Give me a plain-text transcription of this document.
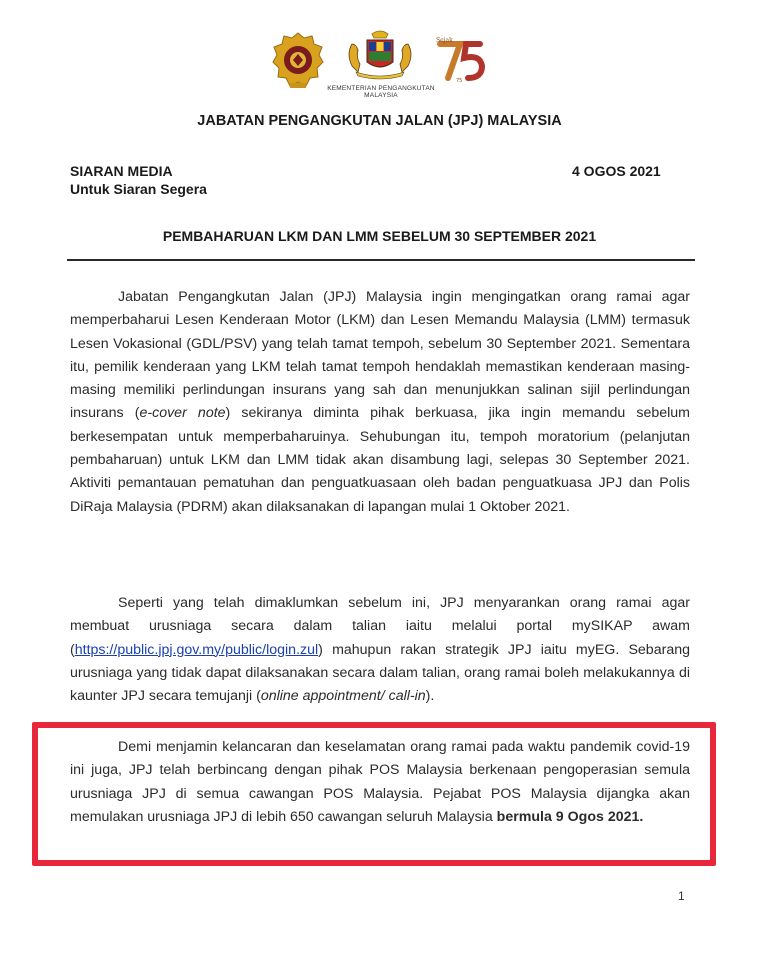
KEMENTERIAN PENGANGKUTAN
MALAYSIA
Sejak
75
JABATAN PENGANGKUTAN JALAN (JPJ) MALAYSIA
SIARAN MEDIA
Untuk Siaran Segera
4 OGOS 2021
PEMBAHARUAN LKM DAN LMM SEBELUM 30 SEPTEMBER 2021
Jabatan Pengangkutan Jalan (JPJ) Malaysia ingin mengingatkan orang ramai agar memperbaharui Lesen Kenderaan Motor (LKM) dan Lesen Memandu Malaysia (LMM) termasuk Lesen Vokasional (GDL/PSV) yang telah tamat tempoh, sebelum 30 September 2021. Sementara itu, pemilik kenderaan yang LKM telah tamat tempoh hendaklah memastikan kenderaan masing-masing memiliki perlindungan insurans yang sah dan menunjukkan salinan sijil perlindungan insurans (e-cover note) sekiranya diminta pihak berkuasa, jika ingin memandu sebelum berkesempatan untuk memperbaharuinya. Sehubungan itu, tempoh moratorium (pelanjutan pembaharuan) untuk LKM dan LMM tidak akan disambung lagi, selepas 30 September 2021. Aktiviti pemantauan pematuhan dan penguatkuasaan oleh badan penguatkuasa JPJ dan Polis DiRaja Malaysia (PDRM) akan dilaksanakan di lapangan mulai 1 Oktober 2021.
Seperti yang telah dimaklumkan sebelum ini, JPJ menyarankan orang ramai agar membuat urusniaga secara dalam talian iaitu melalui portal mySIKAP awam (https://public.jpj.gov.my/public/login.zul) mahupun rakan strategik JPJ iaitu myEG. Sebarang urusniaga yang tidak dapat dilaksanakan secara dalam talian, orang ramai boleh melakukannya di kaunter JPJ secara temujanji (online appointment/ call-in).
Demi menjamin kelancaran dan keselamatan orang ramai pada waktu pandemik covid-19 ini juga, JPJ telah berbincang dengan pihak POS Malaysia berkenaan pengoperasian semula urusniaga JPJ di semua cawangan POS Malaysia. Pejabat POS Malaysia dijangka akan memulakan urusniaga JPJ di lebih 650 cawangan seluruh Malaysia bermula 9 Ogos 2021.
1
